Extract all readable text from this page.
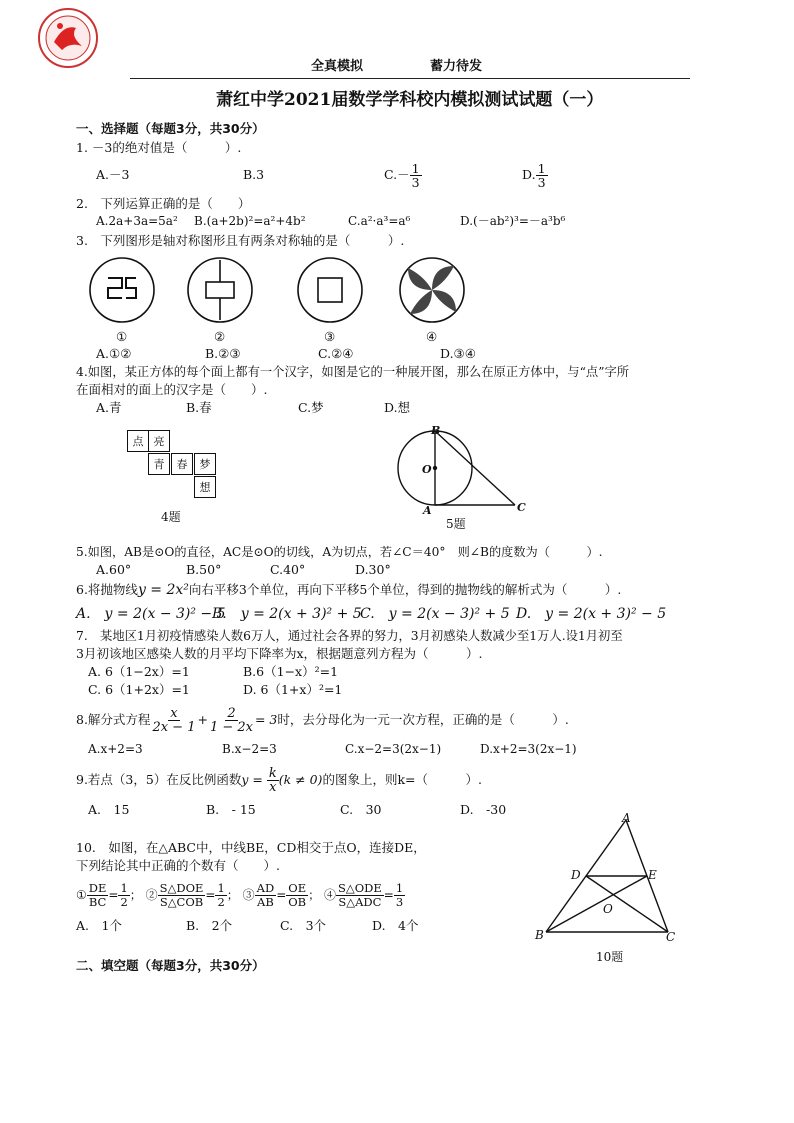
全真模拟	蓄力待发
萧红中学2021届数学学科校内模拟测试试题（一）
一、选择题（每题3分，共30分）
1. －3的绝对值是（　　　）.
A.－3	B.3	$C.- \frac{1}{3}$	D. $\frac{1}{3}$
2.　下列运算正确的是（　　）
A.2a+3a=5a² B.(a+2b)²=a²+4b²	C.a²·a³=a⁶	D.(－ab²)³=－a³b⁶
3.　下列图形是轴对称图形且有两条对称轴的是（　　　）.
①	②	③	④
A.①②	B.②③	C.②④	D.③④
4.如图，某正方体的每个面上都有一个汉字，如图是它的一种展开图，那么在原正方体中，与“点”字所
在面相对的面上的汉字是（　　）.
A.青	B.春	C.梦	D.想
点 亮
青	春	梦
想
4题
B
O
A	C
5题
5.如图，AB是⊙O的直径，AC是⊙O的切线，A为切点，若∠C＝40°　则∠B的度数为（　　　）.
A.60°	B.50°	C.40°	D.30°
6.将抛物线y = 2x²向右平移3个单位，再向下平移5个单位，得到的抛物线的解析式为（　　　）.
A.　y = 2(x − 3)² − 5
B.　y = 2(x + 3)² + 5
C.　y = 2(x − 3)² + 5 D.　y = 2(x + 3)² − 5
7.　某地区1月初疫情感染人数6万人，通过社会各界的努力，3月初感染人数减少至1万人.设1月初至
3月初该地区感染人数的月平均下降率为x，根据题意列方程为（　　　）.
A. 6（1−2x）=1	B.6（1−x）²=1
C. 6（1+2x）=1	D. 6（1+x）²=1
8.解分式方程 $\frac{x}{2x - 1} + \frac{2}{1 - 2x} = 3$时，去分母化为一元一次方程，正确的是（　　　）.
A.x+2=3	B.x−2=3	C.x−2=3(2x−1)	D.x+2=3(2x−1)
9.若点（3，5）在反比例函数$y = \frac{k}{x} (k \ne 0)$的图象上，则k=（　　　）.
A.　15	B.　- 15	C.　30	D.　-30
10.　如图，在△ABC中，中线BE，CD相交于点O，连接DE，
下列结论其中正确的个数有（　　）.
① $\frac{DE}{BC} = \frac{1}{2}$ ； ② $\frac{\text{S△DOE}}{\text{S△COB}} = \frac{1}{2}$ ； ③ $\frac{AD}{AB} = \frac{OE}{OB}$ ； ④ $\frac{\text{S△ODE}}{\text{S△ADC}} = \frac{1}{3}$
A.　1个	B.　2个	C.　3个	D.　4个
A
D	E
O
B	C
10题
二、填空题（每题3分，共30分）
